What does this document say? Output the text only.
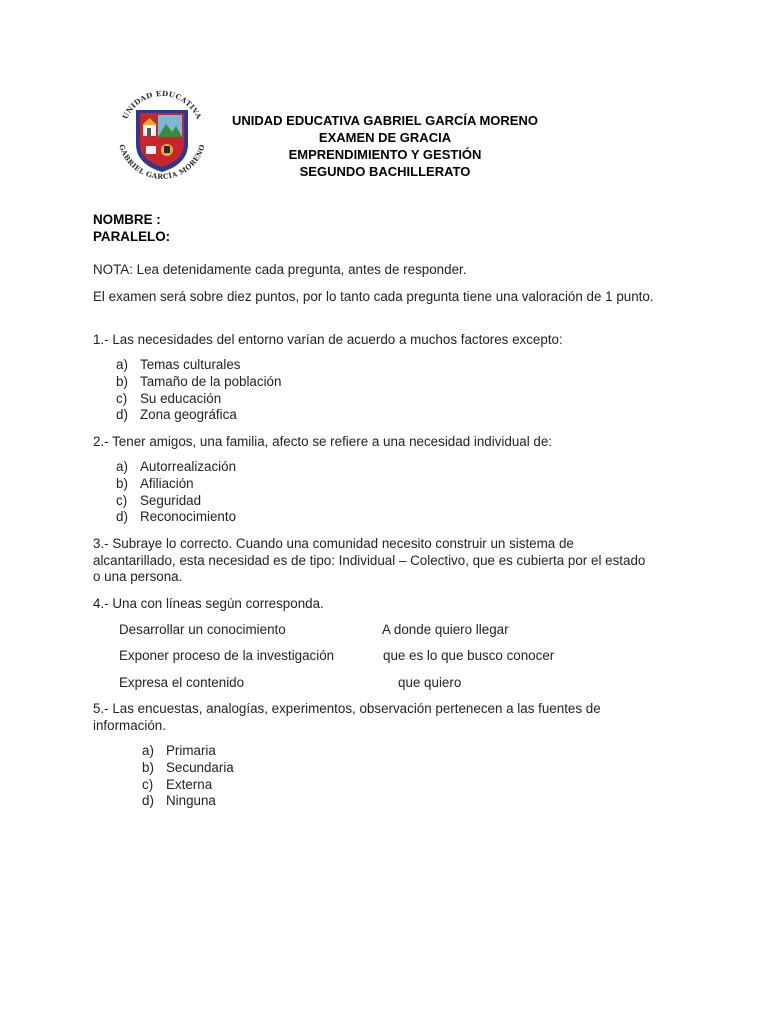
UNIDAD EDUCATIVA
GABRIEL GARCÍA MORENO
UNIDAD EDUCATIVA GABRIEL GARCÍA MORENO
EXAMEN DE GRACIA
EMPRENDIMIENTO Y GESTIÓN
SEGUNDO BACHILLERATO
NOMBRE :
PARALELO:
NOTA: Lea detenidamente cada pregunta, antes de responder.
El examen será sobre diez puntos, por lo tanto cada pregunta tiene una valoración de 1 punto.
1.- Las necesidades del entorno varían de acuerdo a muchos factores excepto:
a) Temas culturales
b) Tamaño de la población
c) Su educación
d) Zona geográfica
2.- Tener amigos, una familia, afecto se refiere a una necesidad individual de:
a) Autorrealización
b) Afiliación
c) Seguridad
d) Reconocimiento
3.- Subraye lo correcto. Cuando una comunidad necesito construir un sistema de alcantarillado, esta necesidad es de tipo: Individual – Colectivo, que es cubierta por el estado o una persona.
4.- Una con líneas según corresponda.
Desarrollar un conocimiento	A donde quiero llegar
Exponer proceso de la investigación	que es lo que busco conocer
Expresa el contenido	que quiero
5.- Las encuestas, analogías, experimentos, observación pertenecen a las fuentes de información.
a) Primaria
b) Secundaria
c) Externa
d) Ninguna
